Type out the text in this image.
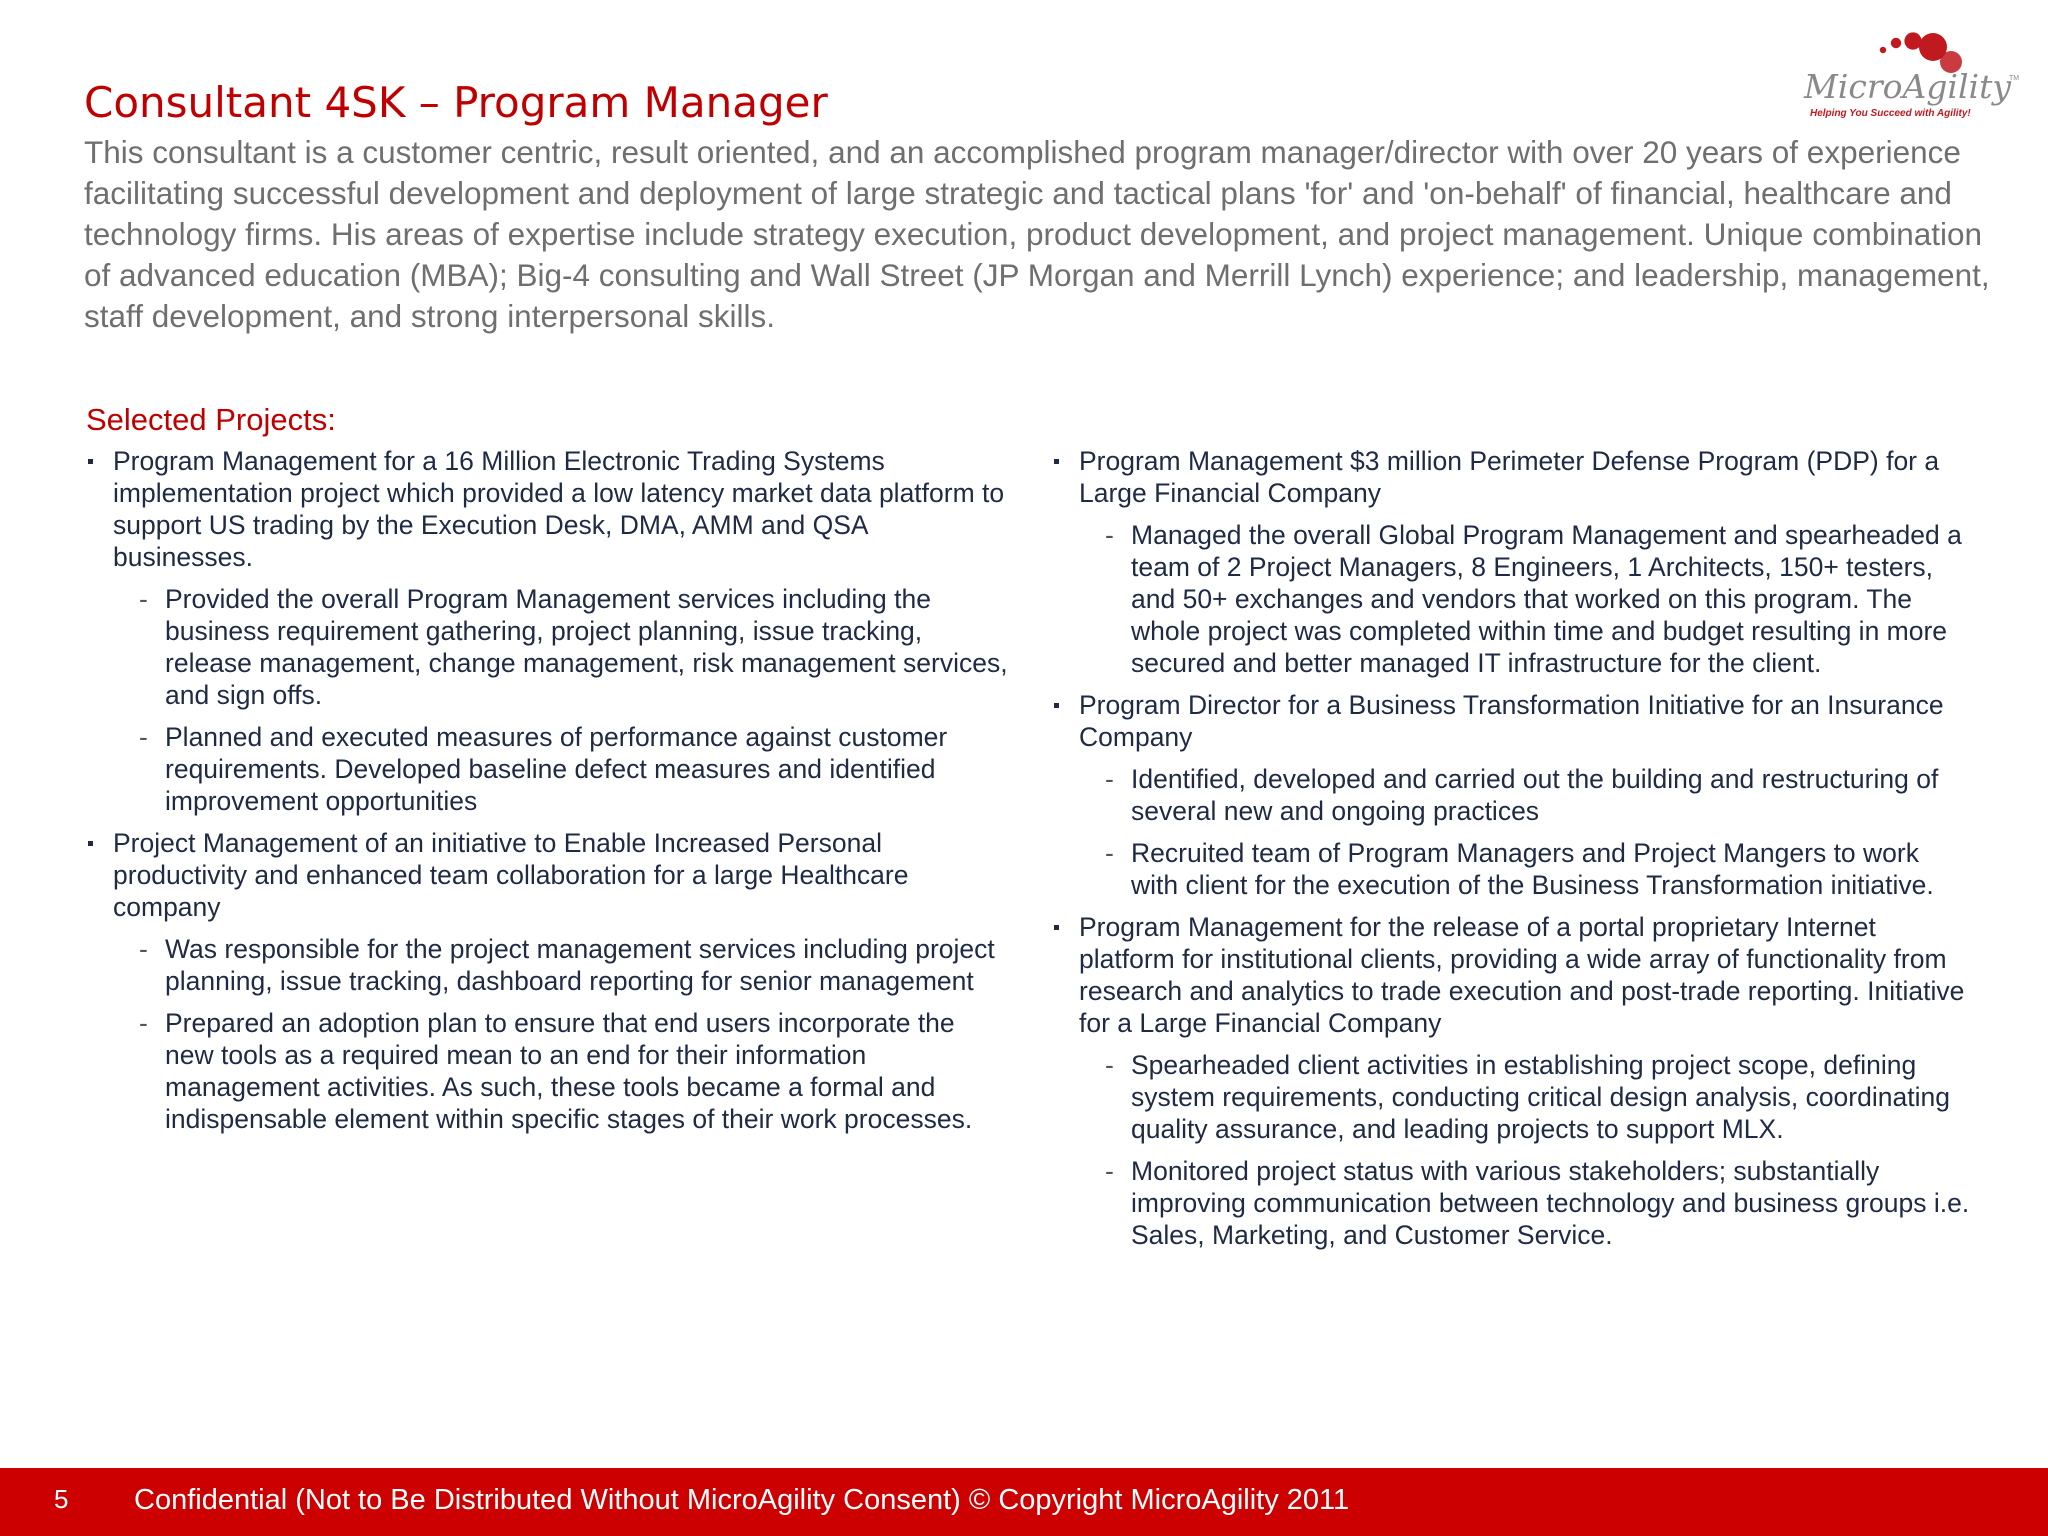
Consultant 4SK – Program Manager	MicroAgility
TM
Helping You Succeed with Agility!
This consultant is a customer centric, result oriented, and an accomplished program manager/director with over 20 years of experience facilitating successful development and deployment of large strategic and tactical plans 'for' and 'on-behalf' of financial, healthcare and technology firms. His areas of expertise include strategy execution, product development, and project management. Unique combination of advanced education (MBA); Big-4 consulting and Wall Street (JP Morgan and Merrill Lynch) experience; and leadership, management, staff development, and strong interpersonal skills.
Selected Projects:
Program Management for a 16 Million Electronic Trading Systems implementation project which provided a low latency market data platform to support US trading by the Execution Desk, DMA, AMM and QSA businesses.
- Provided the overall Program Management services including the business requirement gathering, project planning, issue tracking, release management, change management, risk management services, and sign offs.
- Planned and executed measures of performance against customer requirements. Developed baseline defect measures and identified improvement opportunities
Project Management of an initiative to Enable Increased Personal productivity and enhanced team collaboration for a large Healthcare company
- Was responsible for the project management services including project planning, issue tracking, dashboard reporting for senior management
- Prepared an adoption plan to ensure that end users incorporate the new tools as a required mean to an end for their information management activities. As such, these tools became a formal and indispensable element within specific stages of their work processes.
Program Management $3 million Perimeter Defense Program (PDP) for a Large Financial Company
- Managed the overall Global Program Management and spearheaded a team of 2 Project Managers, 8 Engineers, 1 Architects, 150+ testers, and 50+ exchanges and vendors that worked on this program. The whole project was completed within time and budget resulting in more secured and better managed IT infrastructure for the client.
Program Director for a Business Transformation Initiative for an Insurance Company
- Identified, developed and carried out the building and restructuring of several new and ongoing practices
- Recruited team of Program Managers and Project Mangers to work with client for the execution of the Business Transformation initiative.
Program Management for the release of a portal proprietary Internet platform for institutional clients, providing a wide array of functionality from research and analytics to trade execution and post-trade reporting. Initiative for a Large Financial Company
- Spearheaded client activities in establishing project scope, defining system requirements, conducting critical design analysis, coordinating quality assurance, and leading projects to support MLX.
- Monitored project status with various stakeholders; substantially improving communication between technology and business groups i.e. Sales, Marketing, and Customer Service.
5 Confidential (Not to Be Distributed Without MicroAgility Consent) © Copyright MicroAgility 2011
